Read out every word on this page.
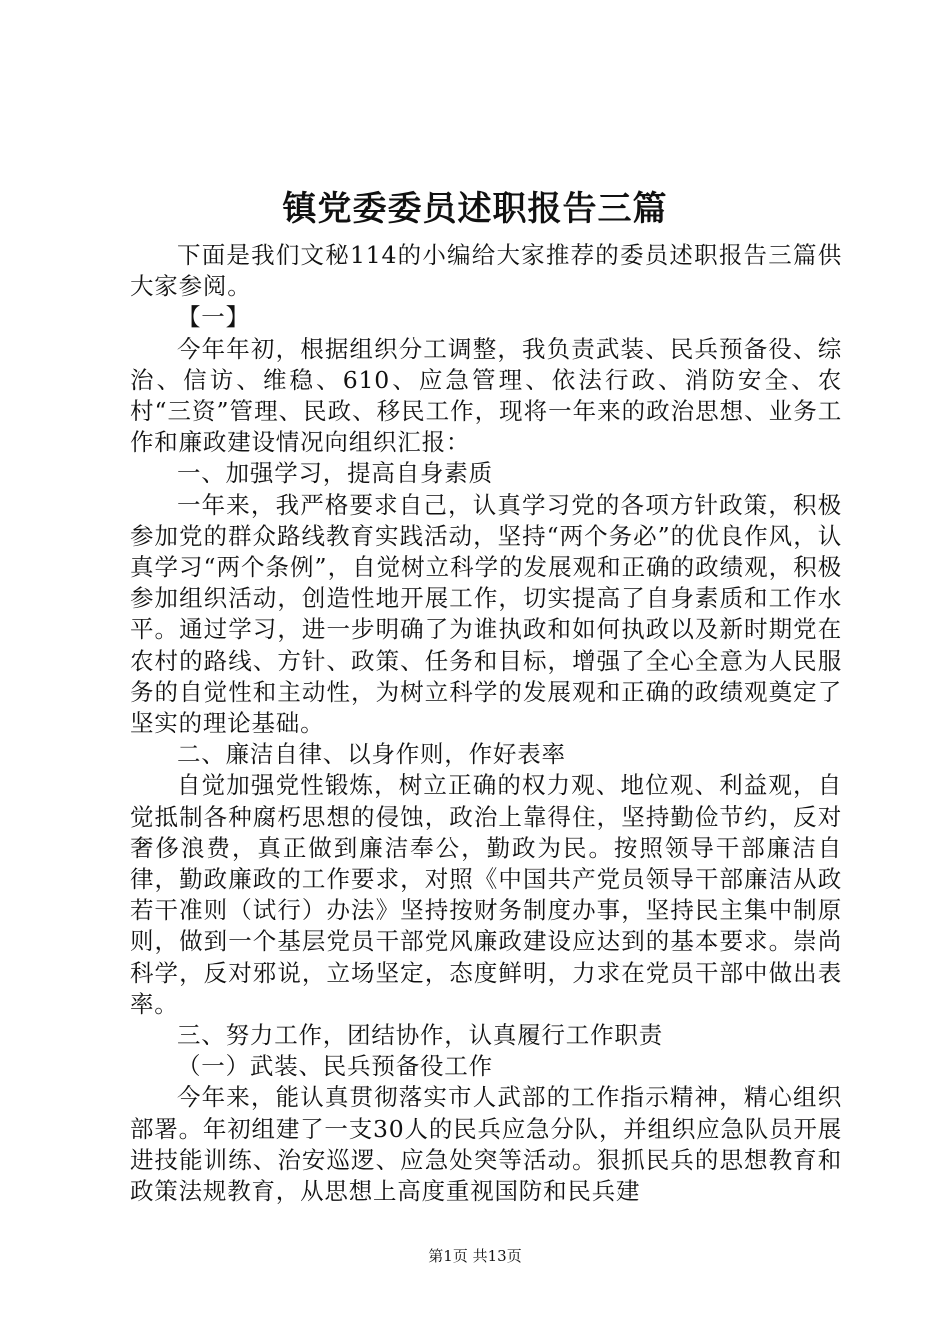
镇党委委员述职报告三篇

下面是我们文秘114的小编给大家推荐的委员述职报告三篇供大家参阅。

【一】

今年年初，根据组织分工调整，我负责武装、民兵预备役、综治、信访、维稳、610、应急管理、依法行政、消防安全、农村“三资”管理、民政、移民工作，现将一年来的政治思想、业务工作和廉政建设情况向组织汇报：

一、加强学习，提高自身素质

一年来，我严格要求自己，认真学习党的各项方针政策，积极参加党的群众路线教育实践活动，坚持“两个务必”的优良作风，认真学习“两个条例”，自觉树立科学的发展观和正确的政绩观，积极参加组织活动，创造性地开展工作，切实提高了自身素质和工作水平。通过学习，进一步明确了为谁执政和如何执政以及新时期党在农村的路线、方针、政策、任务和目标，增强了全心全意为人民服务的自觉性和主动性，为树立科学的发展观和正确的政绩观奠定了坚实的理论基础。

二、廉洁自律、以身作则，作好表率

自觉加强党性锻炼，树立正确的权力观、地位观、利益观，自觉抵制各种腐朽思想的侵蚀，政治上靠得住，坚持勤俭节约，反对奢侈浪费，真正做到廉洁奉公，勤政为民。按照领导干部廉洁自律，勤政廉政的工作要求，对照《中国共产党员领导干部廉洁从政若干准则（试行）办法》坚持按财务制度办事，坚持民主集中制原则，做到一个基层党员干部党风廉政建设应达到的基本要求。崇尚科学，反对邪说，立场坚定，态度鲜明，力求在党员干部中做出表率。

三、努力工作，团结协作，认真履行工作职责

（一）武装、民兵预备役工作

今年来，能认真贯彻落实市人武部的工作指示精神，精心组织部署。年初组建了一支30人的民兵应急分队，并组织应急队员开展进技能训练、治安巡逻、应急处突等活动。狠抓民兵的思想教育和政策法规教育，从思想上高度重视国防和民兵建

第1页 共13页
